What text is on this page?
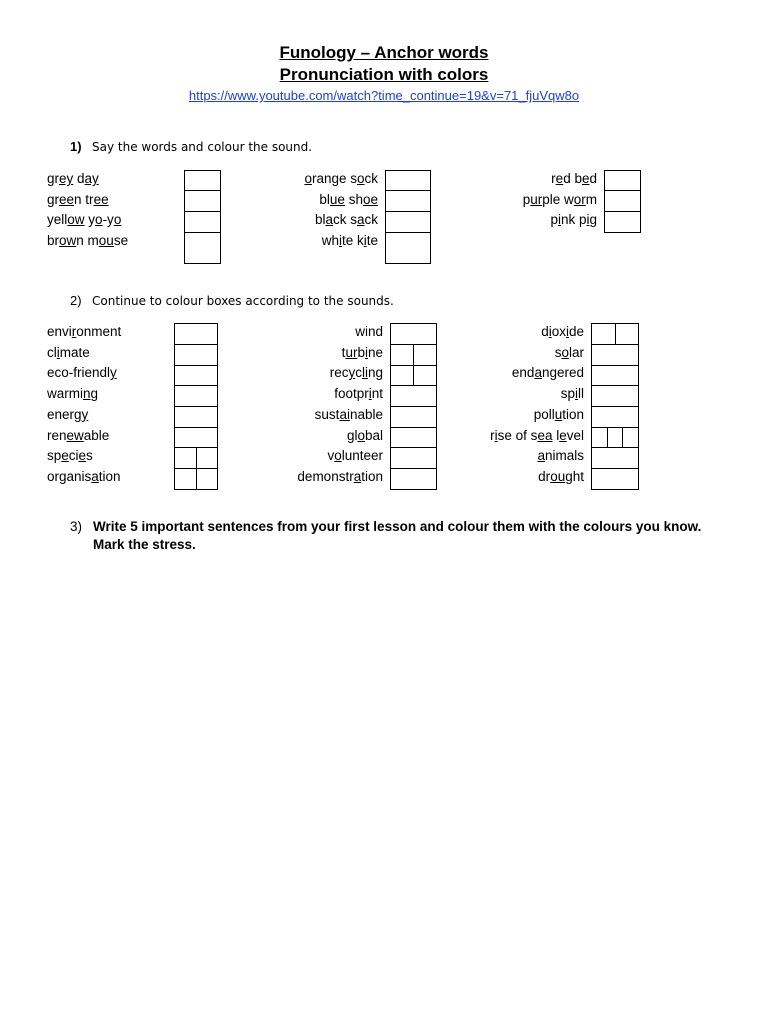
Funology – Anchor words
Pronunciation with colors
https://www.youtube.com/watch?time_continue=19&v=71_fjuVqw8o
1) Say the words and colour the sound.
grey day
green tree
yellow yo-yo
brown mouse
orange sock
blue shoe
black sack
white kite
red bed
purple worm
pink pig
2) Continue to colour boxes according to the sounds.
environment
climate
eco-friendly
warming
energy
renewable
species
organisation
wind
turbine
recycling
footprint
sustainable
global
volunteer
demonstration
dioxide
solar
endangered
spill
pollution
rise of sea level
animals
drought
3) Write 5 important sentences from your first lesson and colour them with the colours you know. Mark the stress.
